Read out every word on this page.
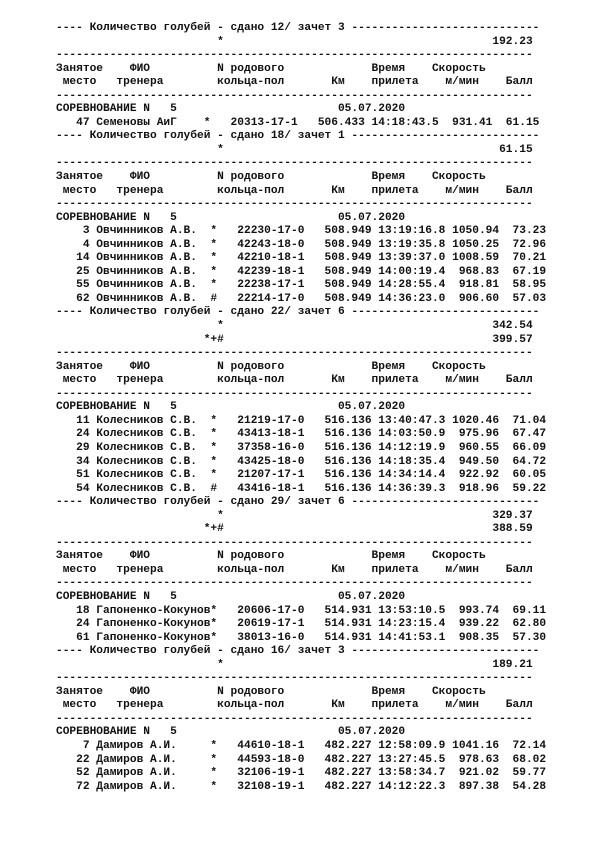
---- Количество голубей - сдано 12/ зачет 3 ----------------------------
*                                        192.23
-----------------------------------------------------------------------
Занятое    ФИО          N родового             Время    Скорость
место   тренера        кольца-пол       Км    прилета    м/мин    Балл
-----------------------------------------------------------------------
СОРЕВНОВАНИЕ N   5                        05.07.2020
47 Семеновы АиГ    *   20313-17-1   506.433 14:18:43.5  931.41  61.15
---- Количество голубей - сдано 18/ зачет 1 ----------------------------
*                                         61.15
-----------------------------------------------------------------------
Занятое    ФИО          N родового             Время    Скорость
место   тренера        кольца-пол       Км    прилета    м/мин    Балл
-----------------------------------------------------------------------
СОРЕВНОВАНИЕ N   5                        05.07.2020
3 Овчинников А.В.  *   22230-17-0   508.949 13:19:16.8 1050.94  73.23
4 Овчинников А.В.  *   42243-18-0   508.949 13:19:35.8 1050.25  72.96
14 Овчинников А.В.  *   42210-18-1   508.949 13:39:37.0 1008.59  70.21
25 Овчинников А.В.  *   42239-18-1   508.949 14:00:19.4  968.83  67.19
55 Овчинников А.В.  *   22238-17-1   508.949 14:28:55.4  918.81  58.95
62 Овчинников А.В.  #   22214-17-0   508.949 14:36:23.0  906.60  57.03
---- Количество голубей - сдано 22/ зачет 6 ----------------------------
*                                        342.54
*+#                                        399.57
-----------------------------------------------------------------------
Занятое    ФИО          N родового             Время    Скорость
место   тренера        кольца-пол       Км    прилета    м/мин    Балл
-----------------------------------------------------------------------
СОРЕВНОВАНИЕ N   5                        05.07.2020
11 Колесников С.В.  *   21219-17-0   516.136 13:40:47.3 1020.46  71.04
24 Колесников С.В.  *   43413-18-1   516.136 14:03:50.9  975.96  67.47
29 Колесников С.В.  *   37358-16-0   516.136 14:12:19.9  960.55  66.09
34 Колесников С.В.  *   43425-18-0   516.136 14:18:35.4  949.50  64.72
51 Колесников С.В.  *   21207-17-1   516.136 14:34:14.4  922.92  60.05
54 Колесников С.В.  #   43416-18-1   516.136 14:36:39.3  918.96  59.22
---- Количество голубей - сдано 29/ зачет 6 ----------------------------
*                                        329.37
*+#                                        388.59
-----------------------------------------------------------------------
Занятое    ФИО          N родового             Время    Скорость
место   тренера        кольца-пол       Км    прилета    м/мин    Балл
-----------------------------------------------------------------------
СОРЕВНОВАНИЕ N   5                        05.07.2020
18 Гапоненко-Кокунов*   20606-17-0   514.931 13:53:10.5  993.74  69.11
24 Гапоненко-Кокунов*   20619-17-1   514.931 14:23:15.4  939.22  62.80
61 Гапоненко-Кокунов*   38013-16-0   514.931 14:41:53.1  908.35  57.30
---- Количество голубей - сдано 16/ зачет 3 ----------------------------
*                                        189.21
-----------------------------------------------------------------------
Занятое    ФИО          N родового             Время    Скорость
место   тренера        кольца-пол       Км    прилета    м/мин    Балл
-----------------------------------------------------------------------
СОРЕВНОВАНИЕ N   5                        05.07.2020
7 Дамиров А.И.     *   44610-18-1   482.227 12:58:09.9 1041.16  72.14
22 Дамиров А.И.     *   44593-18-0   482.227 13:27:45.5  978.63  68.02
52 Дамиров А.И.     *   32106-19-1   482.227 13:58:34.7  921.02  59.77
72 Дамиров А.И.     *   32108-19-1   482.227 14:12:22.3  897.38  54.28
